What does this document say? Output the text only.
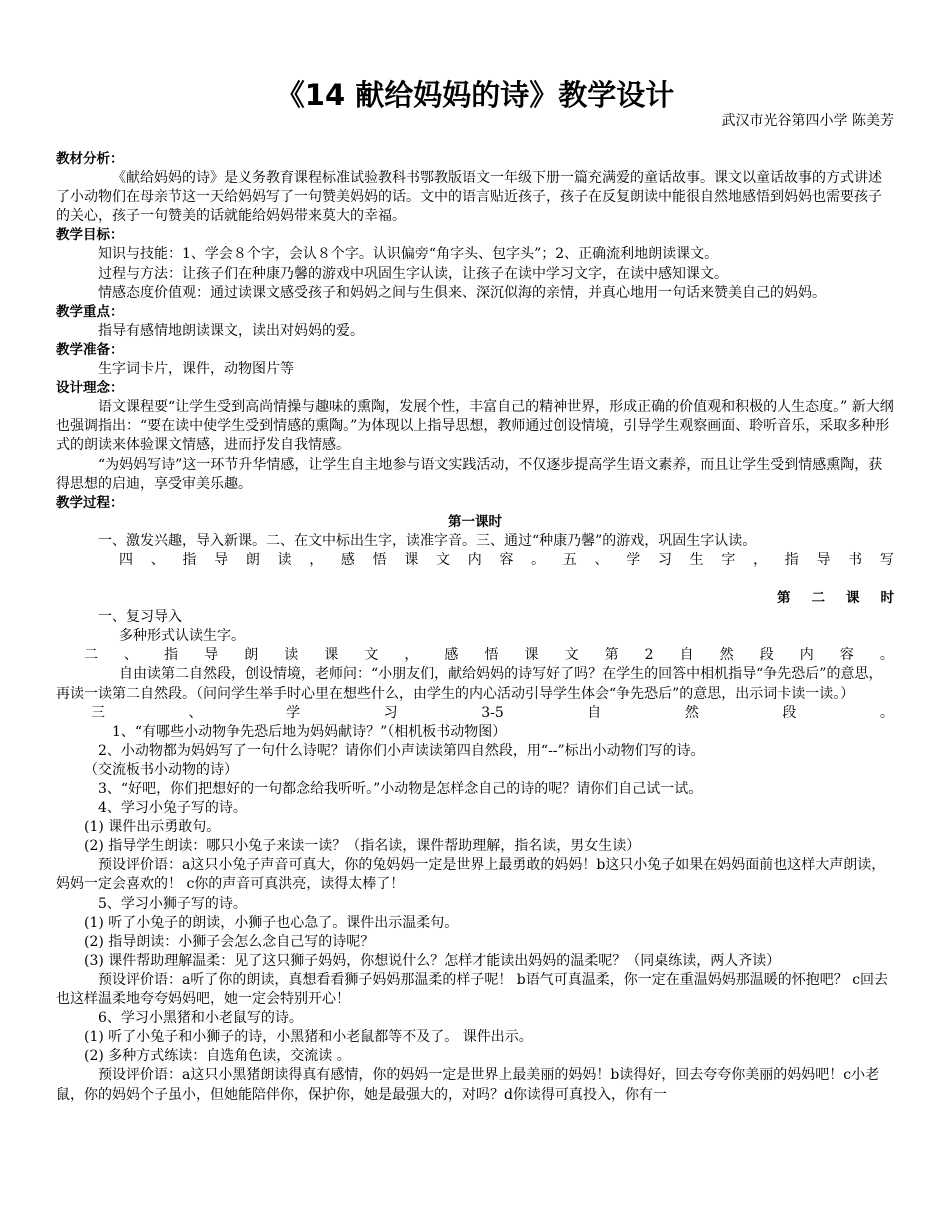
《14 献给妈妈的诗》教学设计
武汉市光谷第四小学 陈美芳

教材分析：

《献给妈妈的诗》是义务教育课程标准试验教科书鄂教版语文一年级下册一篇充满爱的童话故事。课文以童话故事的方式讲述了小动物们在母亲节这一天给妈妈写了一句赞美妈妈的话。文中的语言贴近孩子，孩子在反复朗读中能很自然地感悟到妈妈也需要孩子的关心，孩子一句赞美的话就能给妈妈带来莫大的幸福。

教学目标：

知识与技能：1、学会８个字，会认８个字。认识偏旁“角字头、包字头”；2、正确流利地朗读课文。

过程与方法：让孩子们在种康乃馨的游戏中巩固生字认读，让孩子在读中学习文字，在读中感知课文。

情感态度价值观：通过读课文感受孩子和妈妈之间与生俱来、深沉似海的亲情，并真心地用一句话来赞美自己的妈妈。

教学重点：

指导有感情地朗读课文，读出对妈妈的爱。

教学准备：

生字词卡片，课件，动物图片等

设计理念：

语文课程要“让学生受到高尚情操与趣味的熏陶，发展个性，丰富自己的精神世界，形成正确的价值观和积极的人生态度。” 新大纲也强调指出：“要在读中使学生受到情感的熏陶。”为体现以上指导思想，教师通过创设情境，引导学生观察画面、聆听音乐，采取多种形式的朗读来体验课文情感，进而抒发自我情感。

“为妈妈写诗”这一环节升华情感，让学生自主地参与语文实践活动，不仅逐步提高学生语文素养，而且让学生受到情感熏陶，获得思想的启迪，享受审美乐趣。

教学过程：

第一课时

一、激发兴趣，导入新课。二、在文中标出生字，读准字音。三、通过“种康乃馨”的游戏，巩固生字认读。

四 、 指 导 朗 读 ， 感 悟 课 文 内 容 。 五 、 学 习 生 字 ， 指 导 书 写

第	二	课	时

一、复习导入

多种形式认读生字。

二 、 指 导 朗 读 课 文 ， 感 悟 课 文 第 2 自 然 段 内 容 。

自由读第二自然段，创设情境，老师问：“小朋友们，献给妈妈的诗写好了吗？在学生的回答中相机指导“争先恐后”的意思，再读一读第二自然段。（问问学生举手时心里在想些什么，由学生的内心活动引导学生体会“争先恐后”的意思，出示词卡读一读。）

三	、	学	习	3-5	自	然	段	。

1、“有哪些小动物争先恐后地为妈妈献诗？”（相机板书动物图）

2、小动物都为妈妈写了一句什么诗呢？请你们小声读读第四自然段，用“--”标出小动物们写的诗。

（交流板书小动物的诗）

3、“好吧，你们把想好的一句都念给我听听。”小动物是怎样念自己的诗的呢？请你们自己试一试。

4、学习小兔子写的诗。

(1) 课件出示勇敢句。

(2) 指导学生朗读：哪只小兔子来读一读？（指名读，课件帮助理解，指名读，男女生读）

预设评价语：a这只小兔子声音可真大，你的兔妈妈一定是世界上最勇敢的妈妈！b这只小兔子如果在妈妈面前也这样大声朗读，妈妈一定会喜欢的！ c你的声音可真洪亮，读得太棒了！

5、学习小狮子写的诗。

(1) 听了小兔子的朗读，小狮子也心急了。课件出示温柔句。

(2) 指导朗读：小狮子会怎么念自己写的诗呢？

(3) 课件帮助理解温柔：见了这只狮子妈妈，你想说什么？怎样才能读出妈妈的温柔呢？（同桌练读，两人齐读）

预设评价语：a听了你的朗读，真想看看狮子妈妈那温柔的样子呢！ b语气可真温柔，你一定在重温妈妈那温暖的怀抱吧？ c回去也这样温柔地夸夸妈妈吧，她一定会特别开心！

6、学习小黑猪和小老鼠写的诗。

(1) 听了小兔子和小狮子的诗，小黑猪和小老鼠都等不及了。 课件出示。

(2) 多种方式练读：自选角色读，交流读 。

预设评价语：a这只小黑猪朗读得真有感情，你的妈妈一定是世界上最美丽的妈妈！b读得好，回去夸夸你美丽的妈妈吧！c小老鼠，你的妈妈个子虽小，但她能陪伴你，保护你，她是最强大的，对吗？d你读得可真投入，你有一
